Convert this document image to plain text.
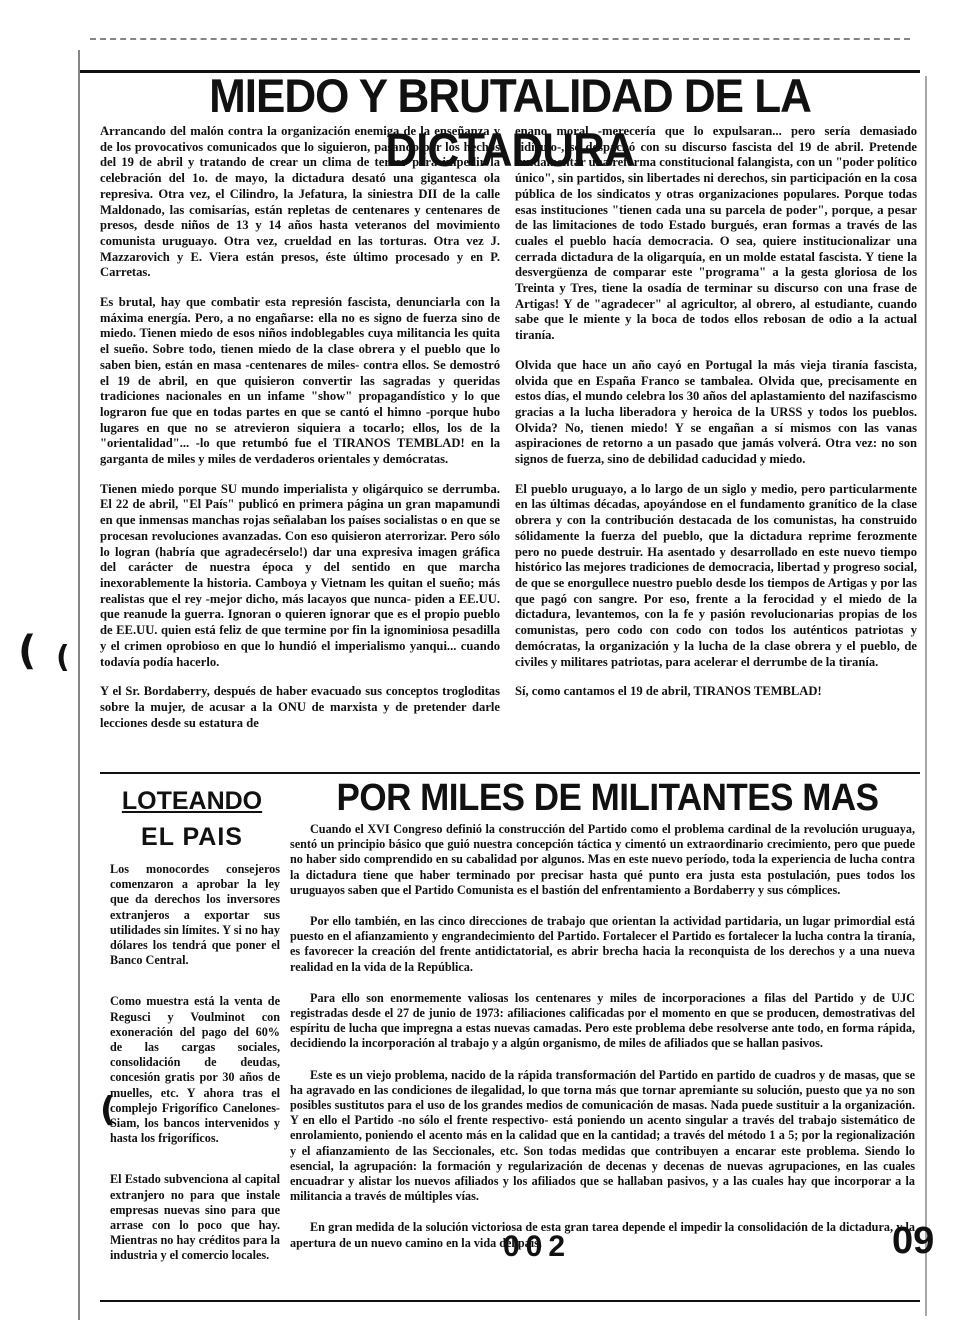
MIEDO Y BRUTALIDAD DE LA DICTADURA

Arrancando del malón contra la organización enemiga de la enseñanza y de los provocativos comunicados que lo siguieron, pasando por los hechos del 19 de abril y tratando de crear un clima de terror para impedir la celebración del 1o. de mayo, la dictadura desató una gigantesca ola represiva. Otra vez, el Cilindro, la Jefatura, la siniestra DII de la calle Maldonado, las comisarías, están repletas de centenares y centenares de presos, desde niños de 13 y 14 años hasta veteranos del movimiento comunista uruguayo. Otra vez, crueldad en las torturas. Otra vez J. Mazzarovich y E. Viera están presos, éste último procesado y en P. Carretas.

Es brutal, hay que combatir esta represión fascista, denunciarla con la máxima energía. Pero, a no engañarse: ella no es signo de fuerza sino de miedo. Tienen miedo de esos niños indoblegables cuya militancia les quita el sueño. Sobre todo, tienen miedo de la clase obrera y el pueblo que lo saben bien, están en masa -centenares de miles- contra ellos. Se demostró el 19 de abril, en que quisieron convertir las sagradas y queridas tradiciones nacionales en un infame "show" propagandístico y lo que lograron fue que en todas partes en que se cantó el himno -porque hubo lugares en que no se atrevieron siquiera a tocarlo; ellos, los de la "orientalidad"... -lo que retumbó fue el TIRANOS TEMBLAD! en la garganta de miles y miles de verdaderos orientales y demócratas.

Tienen miedo porque SU mundo imperialista y oligárquico se derrumba. El 22 de abril, "El País" publicó en primera página un gran mapamundi en que inmensas manchas rojas señalaban los países socialistas o en que se procesan revoluciones avanzadas. Con eso quisieron aterrorizar. Pero sólo lo logran (habría que agradecérselo!) dar una expresiva imagen gráfica del carácter de nuestra época y del sentido en que marcha inexorablemente la historia. Camboya y Vietnam les quitan el sueño; más realistas que el rey -mejor dicho, más lacayos que nunca- piden a EE.UU. que reanude la guerra. Ignoran o quieren ignorar que es el propio pueblo de EE.UU. quien está feliz de que termine por fin la ignominiosa pesadilla y el crimen oprobioso en que lo hundió el imperialismo yanqui... cuando todavía podía hacerlo.

Y el Sr. Bordaberry, después de haber evacuado sus conceptos trogloditas sobre la mujer, de acusar a la ONU de marxista y de pretender darle lecciones desde su estatura de

enano moral -merecería que lo expulsaran... pero sería demasiado ridículo-, se despachó con su discurso fascista del 19 de abril. Pretende fundamentar una reforma constitucional falangista, con un "poder político único", sin partidos, sin libertades ni derechos, sin participación en la cosa pública de los sindicatos y otras organizaciones populares. Porque todas esas instituciones "tienen cada una su parcela de poder", porque, a pesar de las limitaciones de todo Estado burgués, eran formas a través de las cuales el pueblo hacía democracia. O sea, quiere institucionalizar una cerrada dictadura de la oligarquía, en un molde estatal fascista. Y tiene la desvergüenza de comparar este "programa" a la gesta gloriosa de los Treinta y Tres, tiene la osadía de terminar su discurso con una frase de Artigas! Y de "agradecer" al agricultor, al obrero, al estudiante, cuando sabe que le miente y la boca de todos ellos rebosan de odio a la actual tiranía.

Olvida que hace un año cayó en Portugal la más vieja tiranía fascista, olvida que en España Franco se tambalea. Olvida que, precisamente en estos días, el mundo celebra los 30 años del aplastamiento del nazifascismo gracias a la lucha liberadora y heroica de la URSS y todos los pueblos. Olvida? No, tienen miedo! Y se engañan a sí mismos con las vanas aspiraciones de retorno a un pasado que jamás volverá. Otra vez: no son signos de fuerza, sino de debilidad caducidad y miedo.

El pueblo uruguayo, a lo largo de un siglo y medio, pero particularmente en las últimas décadas, apoyándose en el fundamento granítico de la clase obrera y con la contribución destacada de los comunistas, ha construido sólidamente la fuerza del pueblo, que la dictadura reprime ferozmente pero no puede destruir. Ha asentado y desarrollado en este nuevo tiempo histórico las mejores tradiciones de democracia, libertad y progreso social, de que se enorgullece nuestro pueblo desde los tiempos de Artigas y por las que pagó con sangre. Por eso, frente a la ferocidad y el miedo de la dictadura, levantemos, con la fe y pasión revolucionarias propias de los comunistas, pero codo con codo con todos los auténticos patriotas y demócratas, la organización y la lucha de la clase obrera y el pueblo, de civiles y militares patriotas, para acelerar el derrumbe de la tiranía.

Sí, como cantamos el 19 de abril, TIRANOS TEMBLAD!

LOTEANDO
EL PAIS

Los monocordes consejeros comenzaron a aprobar la ley que da derechos los inversores extranjeros a exportar sus utilidades sin límites. Y si no hay dólares los tendrá que poner el Banco Central.

Como muestra está la venta de Regusci y Voulminot con exoneración del pago del 60% de las cargas sociales, consolidación de deudas, concesión gratis por 30 años de muelles, etc. Y ahora tras el complejo Frigorífico Canelones-Siam, los bancos intervenidos y hasta los frigoríficos.

El Estado subvenciona al capital extranjero no para que instale empresas nuevas sino para que arrase con lo poco que hay. Mientras no hay créditos para la industria y el comercio locales.

POR MILES DE MILITANTES MAS

Cuando el XVI Congreso definió la construcción del Partido como el problema cardinal de la revolución uruguaya, sentó un principio básico que guió nuestra concepción táctica y cimentó un extraordinario crecimiento, pero que puede no haber sido comprendido en su cabalidad por algunos. Mas en este nuevo período, toda la experiencia de lucha contra la dictadura tiene que haber terminado por precisar hasta qué punto era justa esta postulación, pues todos los uruguayos saben que el Partido Comunista es el bastión del enfrentamiento a Bordaberry y sus cómplices.

Por ello también, en las cinco direcciones de trabajo que orientan la actividad partidaria, un lugar primordial está puesto en el afianzamiento y engrandecimiento del Partido. Fortalecer el Partido es fortalecer la lucha contra la tiranía, es favorecer la creación del frente antidictatorial, es abrir brecha hacia la reconquista de los derechos y a una nueva realidad en la vida de la República.

Para ello son enormemente valiosas los centenares y miles de incorporaciones a filas del Partido y de UJC registradas desde el 27 de junio de 1973: afiliaciones calificadas por el momento en que se producen, demostrativas del espíritu de lucha que impregna a estas nuevas camadas. Pero este problema debe resolverse ante todo, en forma rápida, decidiendo la incorporación al trabajo y a algún organismo, de miles de afiliados que se hallan pasivos.

Este es un viejo problema, nacido de la rápida transformación del Partido en partido de cuadros y de masas, que se ha agravado en las condiciones de ilegalidad, lo que torna más que tornar apremiante su solución, puesto que ya no son posibles sustitutos para el uso de los grandes medios de comunicación de masas. Nada puede sustituir a la organización. Y en ello el Partido -no sólo el frente respectivo- está poniendo un acento singular a través del trabajo sistemático de enrolamiento, poniendo el acento más en la calidad que en la cantidad; a través del método 1 a 5; por la regionalización y el afianzamiento de las Seccionales, etc. Son todas medidas que contribuyen a encarar este problema. Siendo lo esencial, la agrupación: la formación y regularización de decenas y decenas de nuevas agrupaciones, en las cuales encuadrar y alistar los nuevos afiliados y los afiliados que se hallaban pasivos, y a las cuales hay que incorporar a la militancia a través de múltiples vías.

En gran medida de la solución victoriosa de esta gran tarea depende el impedir la consolidación de la dictadura, y la apertura de un nuevo camino en la vida del país.

002	09
( (
(
